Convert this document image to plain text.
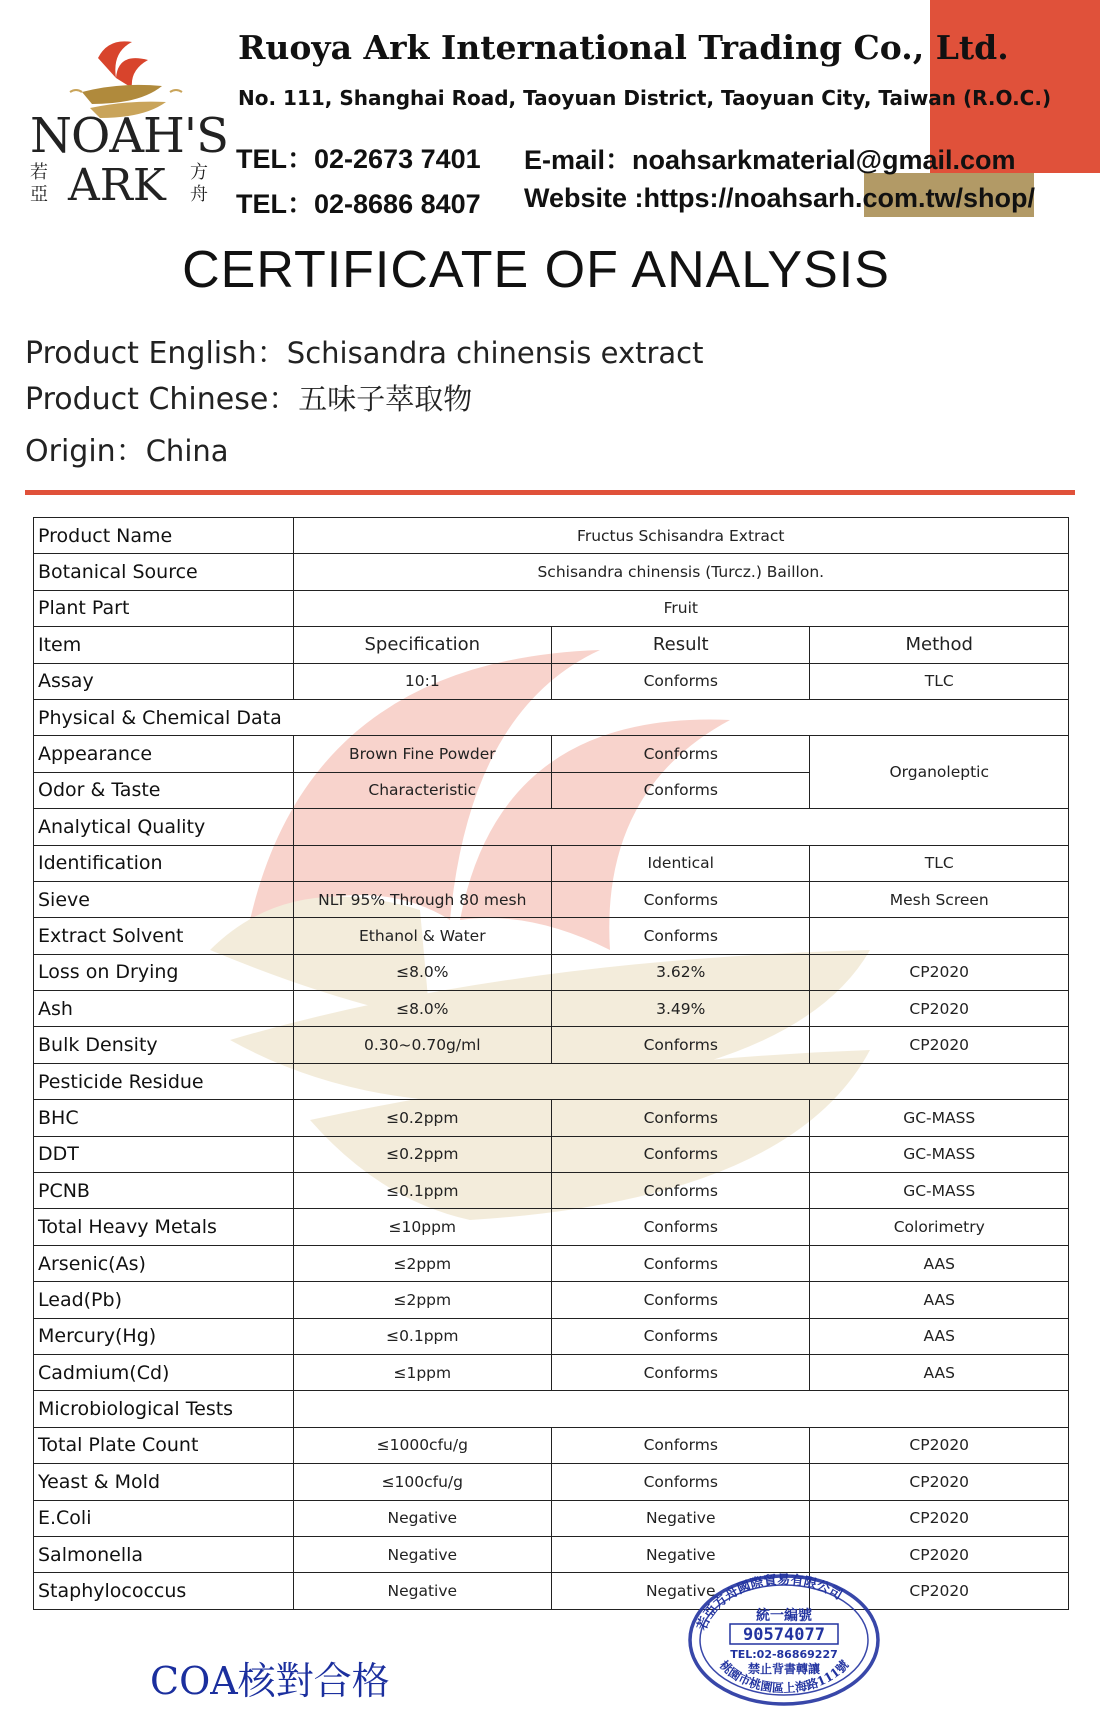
NOAH'S
ARK
若亞
方舟
Ruoya Ark International Trading Co., Ltd.
No. 111, Shanghai Road, Taoyuan District, Taoyuan City, Taiwan (R.O.C.)
TEL：02-2673 7401
TEL：02-8686 8407
E-mail：noahsarkmaterial@gmail.com
Website :https://noahsarh.com.tw/shop/
CERTIFICATE OF ANALYSIS
Product English：Schisandra chinensis extract
Product Chinese：五味子萃取物
Origin：China
Product Name	Fructus Schisandra Extract		
Botanical Source	Schisandra chinensis (Turcz.) Baillon.		
Plant Part	Fruit		
Item	Specification	Result	Method
Assay	10:1	Conforms	TLC
Physical & Chemical Data			
Appearance	Brown Fine Powder	Conforms	Organoleptic
Odor & Taste	Characteristic	Conforms	
Analytical Quality			
Identification		Identical	TLC
Sieve	NLT 95% Through 80 mesh	Conforms	Mesh Screen
Extract Solvent	Ethanol & Water	Conforms	
Loss on Drying	≤8.0%	3.62%	CP2020
Ash	≤8.0%	3.49%	CP2020
Bulk Density	0.30~0.70g/ml	Conforms	CP2020
Pesticide Residue			
BHC	≤0.2ppm	Conforms	GC-MASS
DDT	≤0.2ppm	Conforms	GC-MASS
PCNB	≤0.1ppm	Conforms	GC-MASS
Total Heavy Metals	≤10ppm	Conforms	Colorimetry
Arsenic(As)	≤2ppm	Conforms	AAS
Lead(Pb)	≤2ppm	Conforms	AAS
Mercury(Hg)	≤0.1ppm	Conforms	AAS
Cadmium(Cd)	≤1ppm	Conforms	AAS
Microbiological Tests			
Total Plate Count	≤1000cfu/g	Conforms	CP2020
Yeast & Mold	≤100cfu/g	Conforms	CP2020
E.Coli	Negative	Negative	CP2020
Salmonella	Negative	Negative	CP2020
Staphylococcus	Negative	Negative	CP2020
若亞方舟國際貿易有限公司
統一編號
90574077
TEL:02-86869227
禁止背書轉讓
桃園市桃園區上海路111號
COA核對合格
